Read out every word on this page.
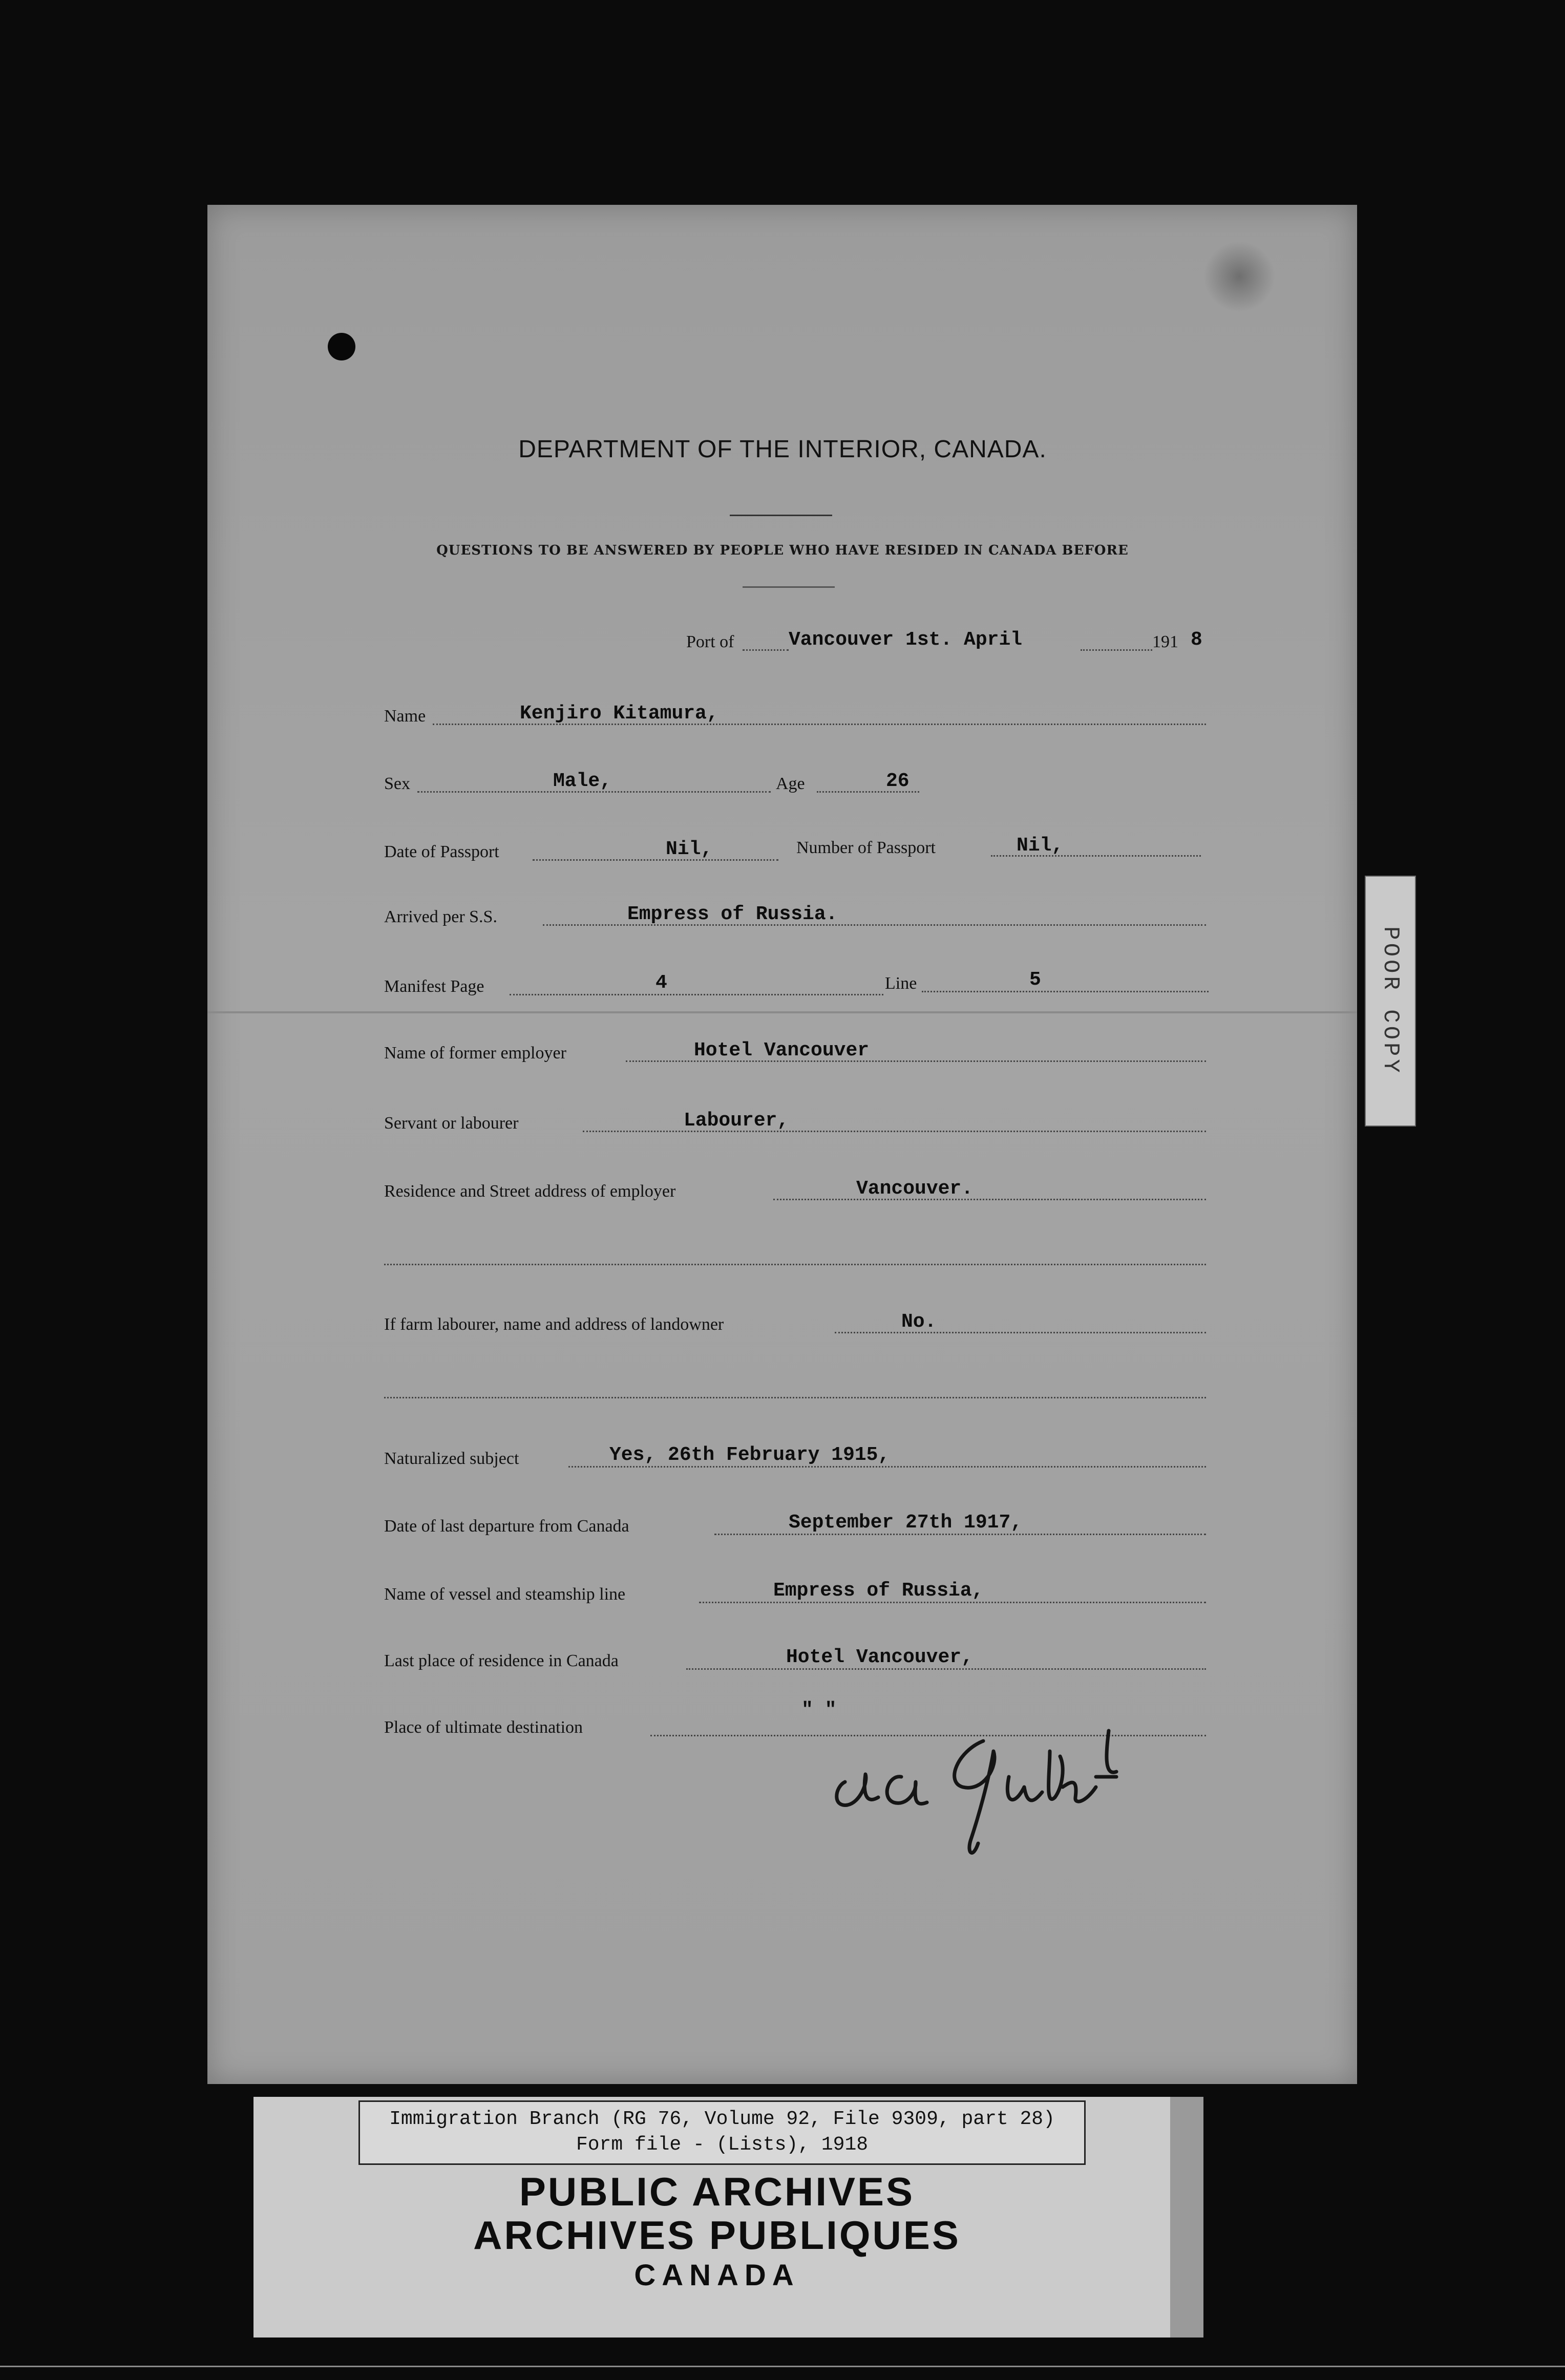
DEPARTMENT OF THE INTERIOR, CANADA.
QUESTIONS TO BE ANSWERED BY PEOPLE WHO HAVE RESIDED IN CANADA BEFORE
Port of	Vancouver 1st. April	191 8
Name	Kenjiro Kitamura,
Sex	Male,	Age	26
Date of Passport	Nil,	Number of Passport	Nil,
Arrived per S.S.	Empress of Russia.
Manifest Page	4	Line	5
Name of former employer	Hotel Vancouver
Servant or labourer	Labourer,
Residence and Street address of employer	Vancouver.
If farm labourer, name and address of landowner	No.
Naturalized subject	Yes, 26th February 1915,
Date of last departure from Canada	September 27th 1917,
Name of vessel and steamship line	Empress of Russia,
Last place of residence in Canada	Hotel Vancouver,
Place of ultimate destination
" "
Immigration Branch (RG 76, Volume 92, File 9309, part 28)
Form file - (Lists), 1918
PUBLIC ARCHIVES
ARCHIVES PUBLIQUES
CANADA
POOR COPY
